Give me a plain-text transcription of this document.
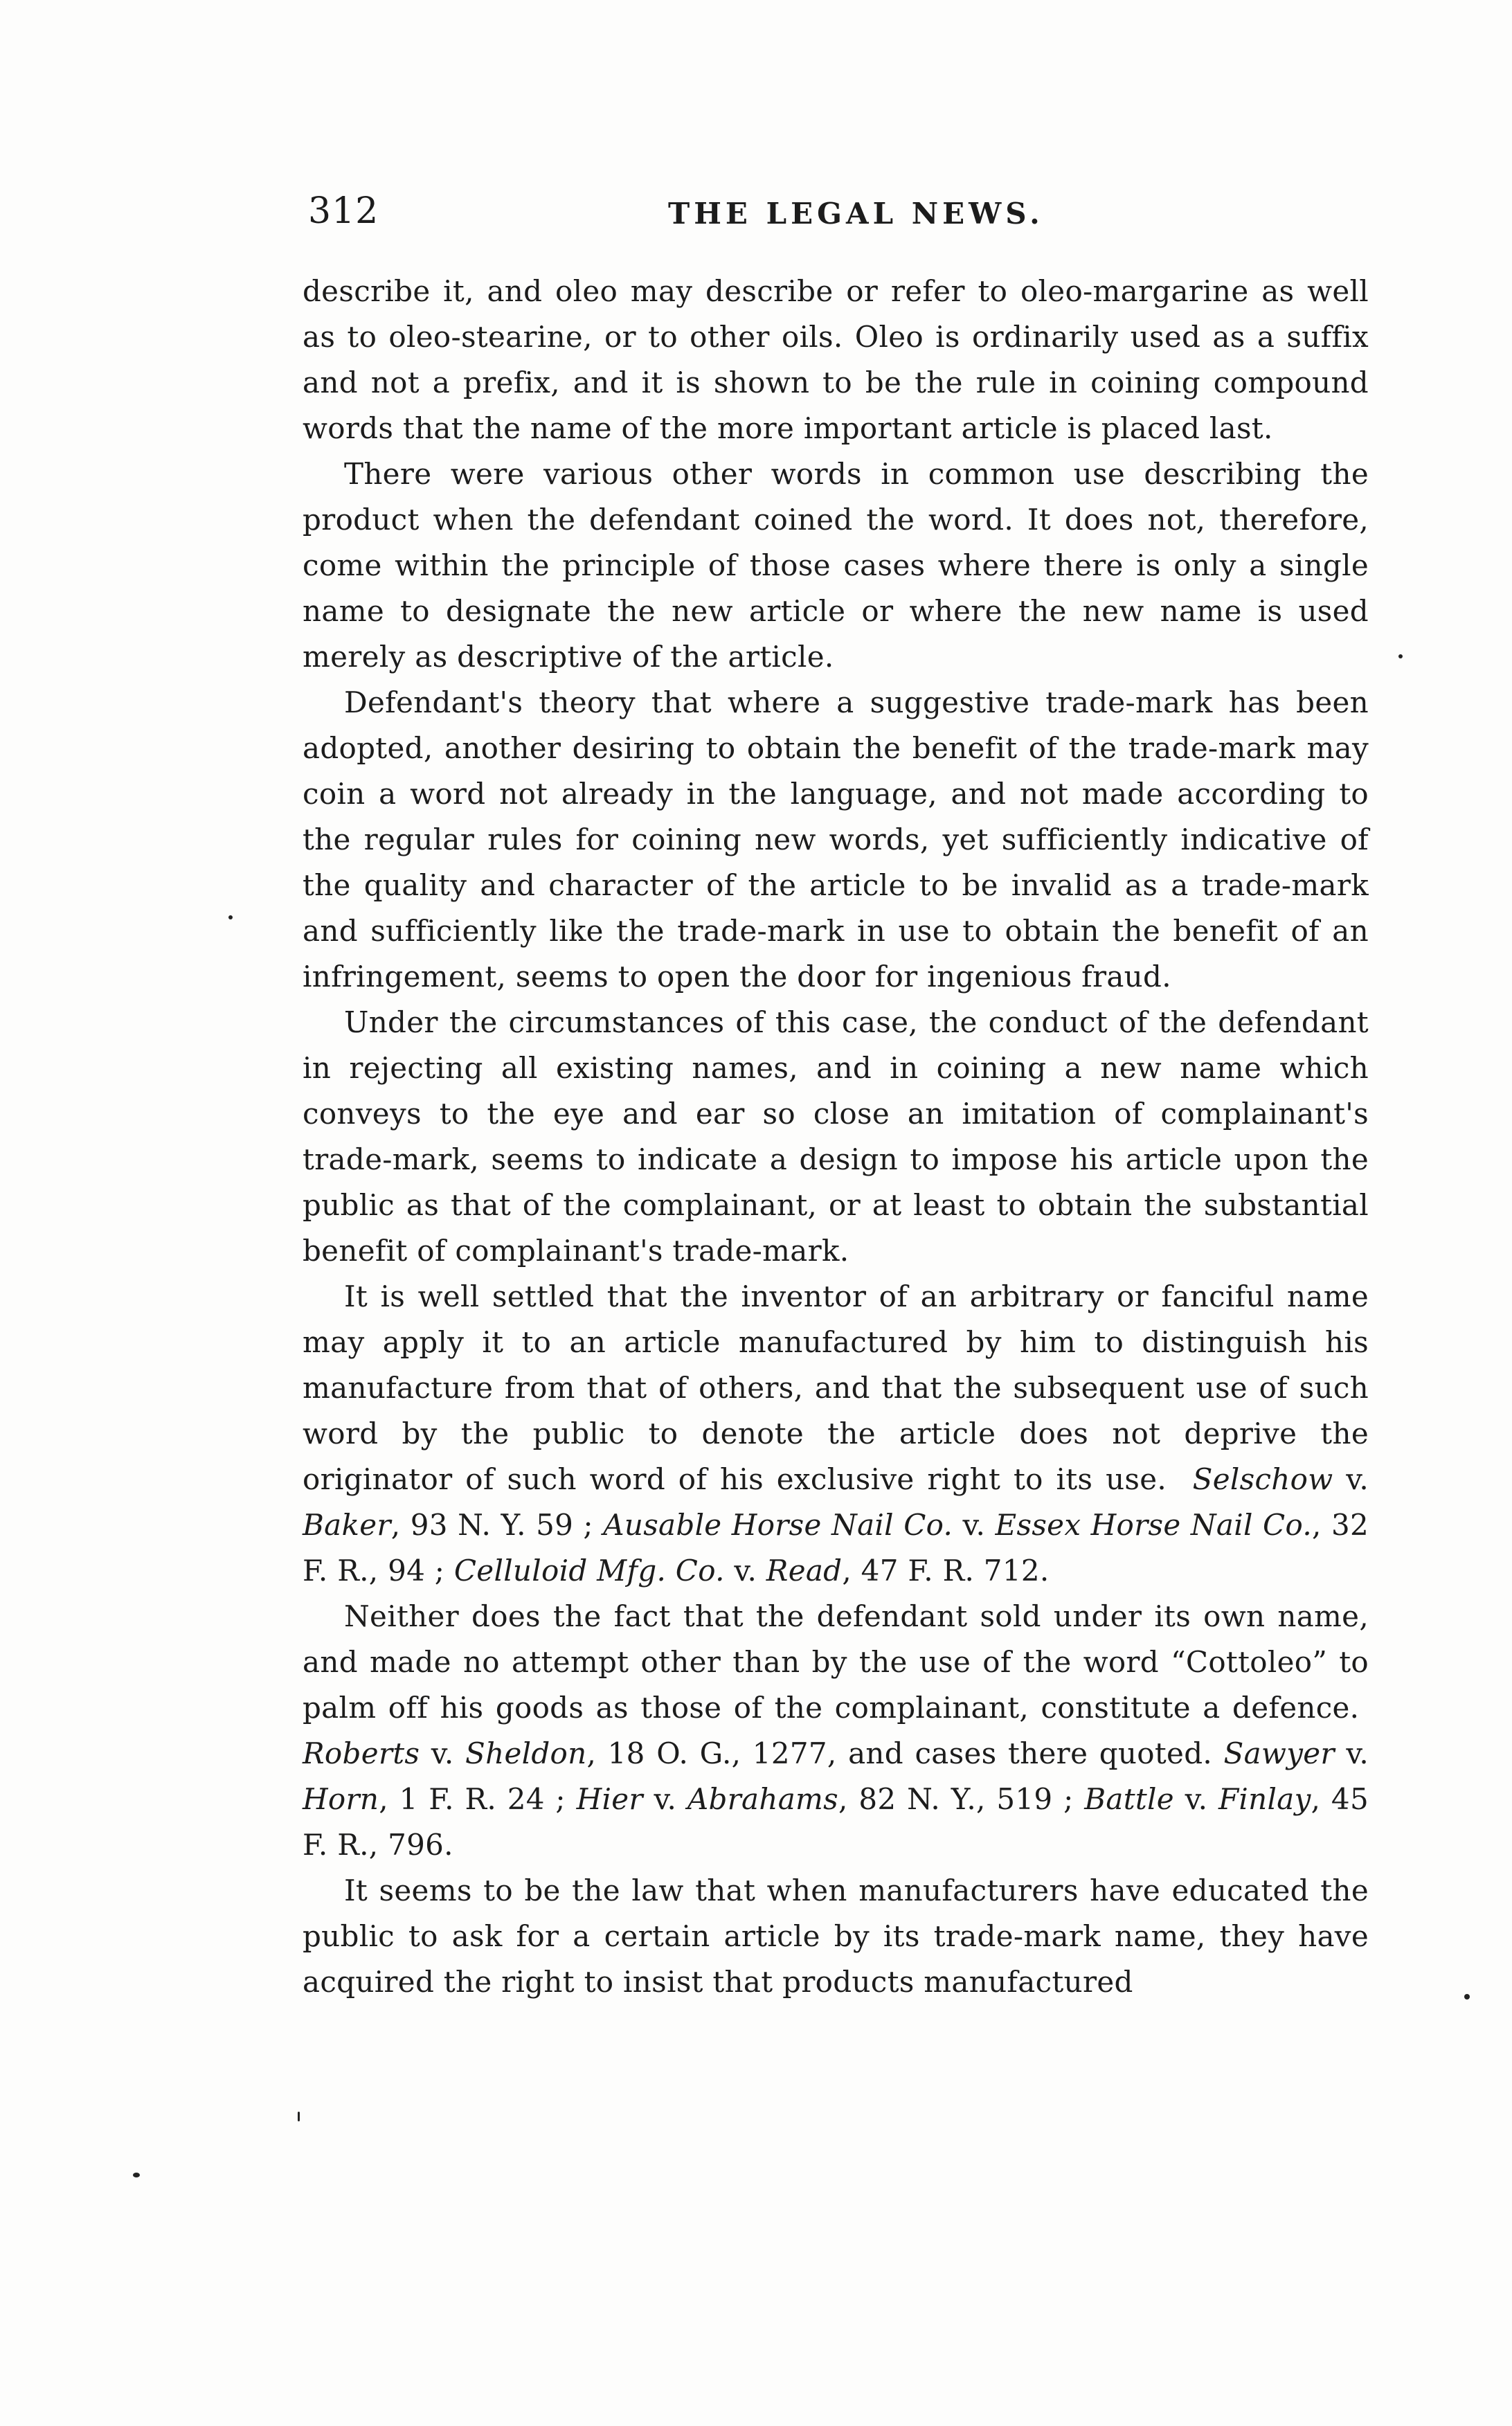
312	THE LEGAL NEWS.

describe it, and oleo may describe or refer to oleo-margarine as well as to oleo-stearine, or to other oils. Oleo is ordinarily used as a suffix and not a prefix, and it is shown to be the rule in coining compound words that the name of the more important article is placed last.

There were various other words in common use describing the product when the defendant coined the word. It does not, therefore, come within the principle of those cases where there is only a single name to designate the new article or where the new name is used merely as descriptive of the article.

Defendant's theory that where a suggestive trade-mark has been adopted, another desiring to obtain the benefit of the trade-mark may coin a word not already in the language, and not made according to the regular rules for coining new words, yet sufficiently indicative of the quality and character of the article to be invalid as a trade-mark and sufficiently like the trade-mark in use to obtain the benefit of an infringement, seems to open the door for ingenious fraud.

Under the circumstances of this case, the conduct of the defendant in rejecting all existing names, and in coining a new name which conveys to the eye and ear so close an imitation of complainant's trade-mark, seems to indicate a design to impose his article upon the public as that of the complainant, or at least to obtain the substantial benefit of complainant's trade-mark.

It is well settled that the inventor of an arbitrary or fanciful name may apply it to an article manufactured by him to distinguish his manufacture from that of others, and that the subsequent use of such word by the public to denote the article does not deprive the originator of such word of his exclusive right to its use. Selschow v. Baker, 93 N. Y. 59 ; Ausable Horse Nail Co. v. Essex Horse Nail Co., 32 F. R., 94 ; Celluloid Mfg. Co. v. Read, 47 F. R. 712.

Neither does the fact that the defendant sold under its own name, and made no attempt other than by the use of the word “Cottoleo” to palm off his goods as those of the complainant, constitute a defence.  Roberts v. Sheldon, 18 O. G., 1277, and cases there quoted. Sawyer v. Horn, 1 F. R. 24 ; Hier v. Abrahams, 82 N. Y., 519 ; Battle v. Finlay, 45 F. R., 796.

It seems to be the law that when manufacturers have educated the public to ask for a certain article by its trade-mark name, they have acquired the right to insist that products manufactured
